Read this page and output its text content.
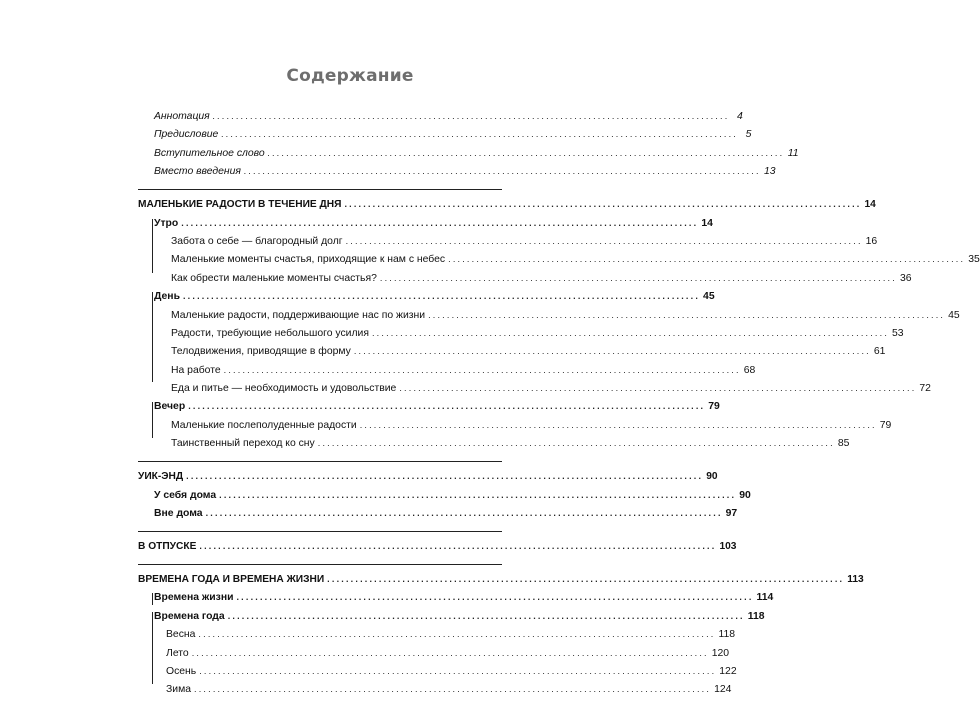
Содержание
Аннотация .............................................................................................................. 4
Предисловие .............................................................................................................. 5
Вступительное слово .............................................................................................................. 11
Вместо введения .............................................................................................................. 13
МАЛЕНЬКИЕ РАДОСТИ В ТЕЧЕНИЕ ДНЯ .............................................................................................................. 14
Утро .............................................................................................................. 14
Забота о себе — благородный долг .............................................................................................................. 16
Маленькие моменты счастья, приходящие к нам с небес .............................................................................................................. 35
Как обрести маленькие моменты счастья? .............................................................................................................. 36
День .............................................................................................................. 45
Маленькие радости, поддерживающие нас по жизни .............................................................................................................. 45
Радости, требующие небольшого усилия .............................................................................................................. 53
Телодвижения, приводящие в форму .............................................................................................................. 61
На работе .............................................................................................................. 68
Еда и питье — необходимость и удовольствие .............................................................................................................. 72
Вечер .............................................................................................................. 79
Маленькие послеполуденные радости .............................................................................................................. 79
Таинственный переход ко сну .............................................................................................................. 85
УИК-ЭНД .............................................................................................................. 90
У себя дома .............................................................................................................. 90
Вне дома .............................................................................................................. 97
В ОТПУСКЕ .............................................................................................................. 103
ВРЕМЕНА ГОДА И ВРЕМЕНА ЖИЗНИ .............................................................................................................. 113
Времена жизни .............................................................................................................. 114
Времена года .............................................................................................................. 118
Весна .............................................................................................................. 118
Лето .............................................................................................................. 120
Осень .............................................................................................................. 122
Зима .............................................................................................................. 124
